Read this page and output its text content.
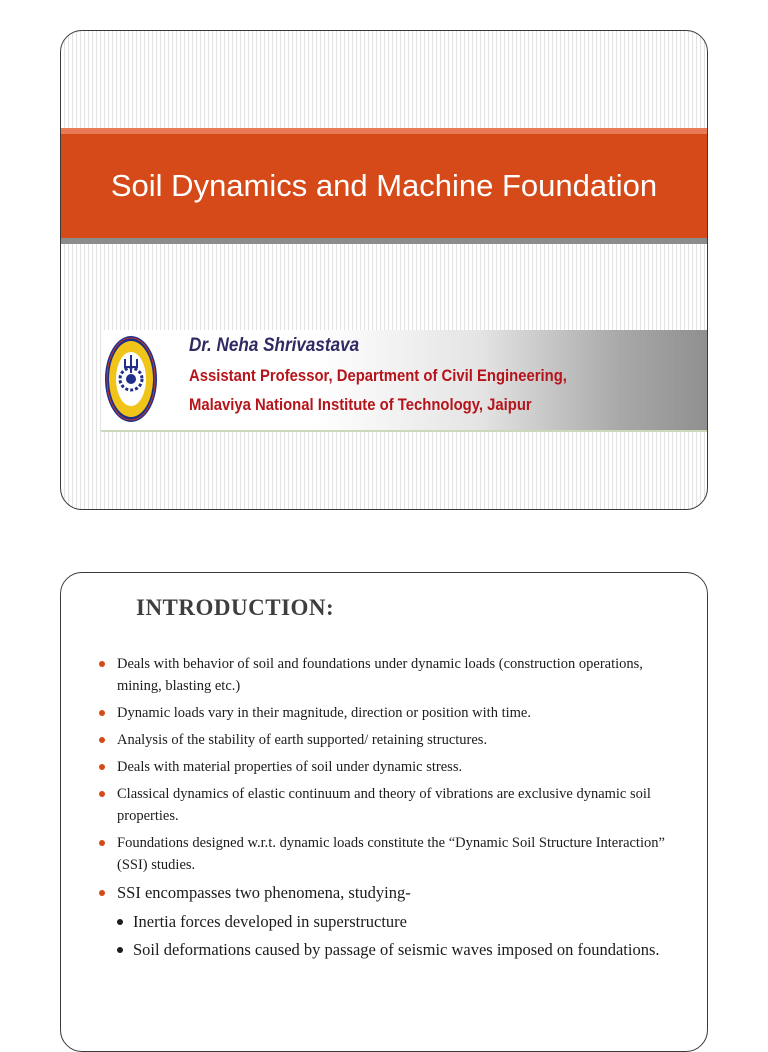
Soil Dynamics and Machine Foundation
Dr. Neha Shrivastava
Assistant Professor, Department of Civil Engineering,
Malaviya National Institute of Technology, Jaipur
INTRODUCTION:
Deals with behavior of soil and foundations under dynamic loads (construction operations, mining, blasting etc.)
Dynamic loads vary in their magnitude, direction or position with time.
Analysis of the stability of earth supported/ retaining structures.
Deals with material properties of soil under dynamic stress.
Classical dynamics of elastic continuum and theory of vibrations are exclusive dynamic soil properties.
Foundations designed w.r.t. dynamic loads constitute the “Dynamic Soil Structure Interaction” (SSI) studies.
SSI encompasses two phenomena, studying-
Inertia forces developed in superstructure
Soil deformations caused by passage of seismic waves imposed on foundations.
